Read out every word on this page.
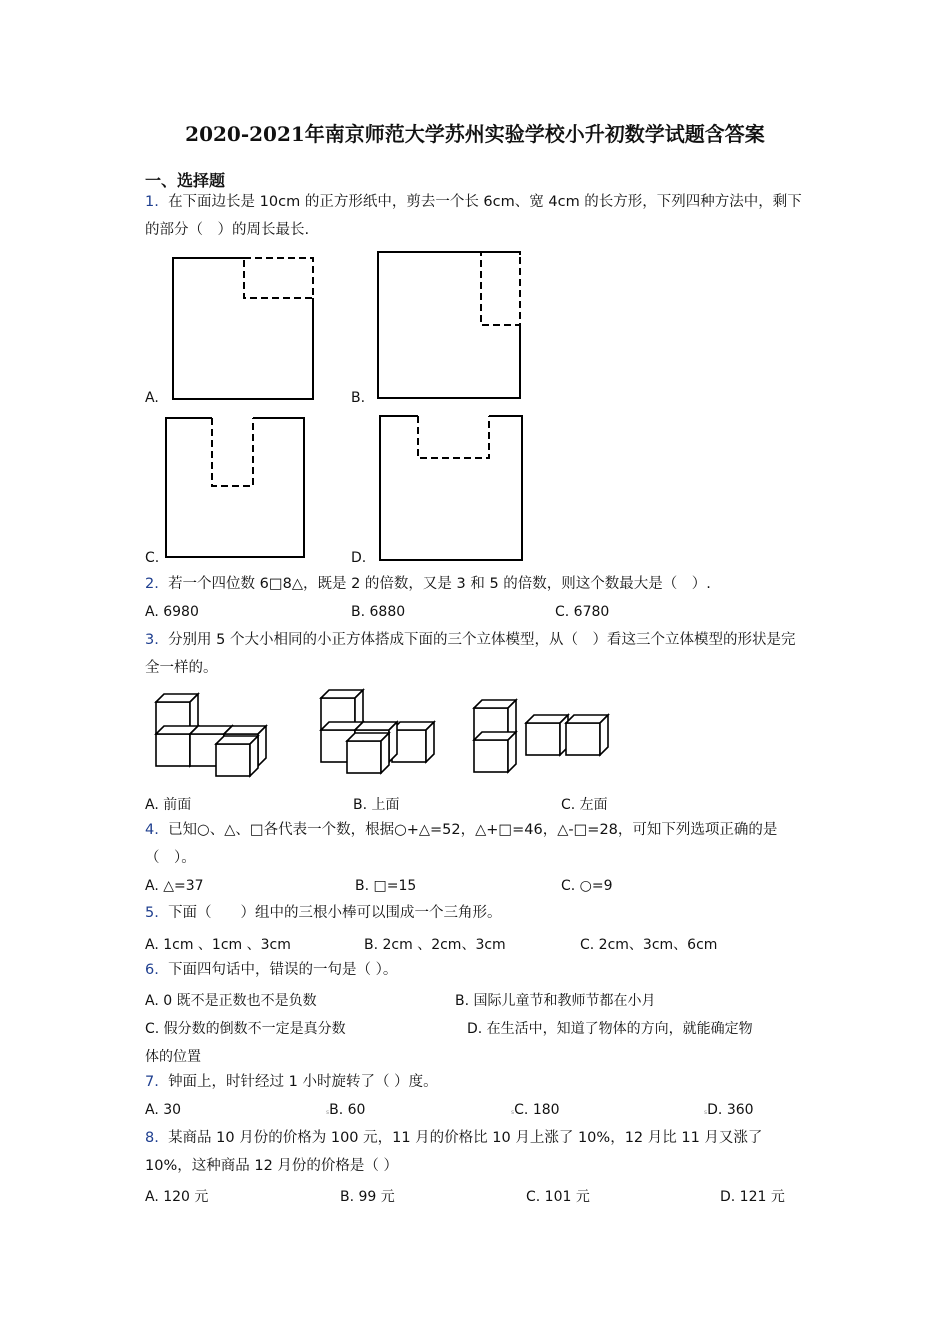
2020-2021年南京师范大学苏州实验学校小升初数学试题含答案
一、选择题
1. 在下面边长是 10cm 的正方形纸中，剪去一个长 6cm、宽 4cm 的长方形，下列四种方法中，剩下的部分（　）的周长最长.
A.	B.
C.	D.
2. 若一个四位数 6□8△，既是 2 的倍数，又是 3 和 5 的倍数，则这个数最大是（　）.
A. 6980	B. 6880	C. 6780
3. 分别用 5 个大小相同的小正方体搭成下面的三个立体模型，从（　）看这三个立体模型的形状是完全一样的。
A. 前面	B. 上面	C. 左面
4. 已知○、△、□各代表一个数，根据○+△=52，△+□=46，△-□=28，可知下列选项正确的是（　）。
A. △=37	B. □=15	C. ○=9
5. 下面（　　）组中的三根小棒可以围成一个三角形。
A. 1cm 、1cm 、3cm	B. 2cm 、2cm、3cm	C. 2cm、3cm、6cm
6. 下面四句话中，错误的一句是（ ）。
A. 0 既不是正数也不是负数	B. 国际儿童节和教师节都在小月
C. 假分数的倒数不一定是真分数	D. 在生活中，知道了物体的方向，就能确定物
体的位置
7. 钟面上，时针经过 1 小时旋转了（ ）度。
A. 30	sB. 60	sC. 180	sD. 360
8. 某商品 10 月份的价格为 100 元，11 月的价格比 10 月上涨了 10%，12 月比 11 月又涨了 10%，这种商品 12 月份的价格是（ ）
A. 120 元	B. 99 元	C. 101 元	D. 121 元
